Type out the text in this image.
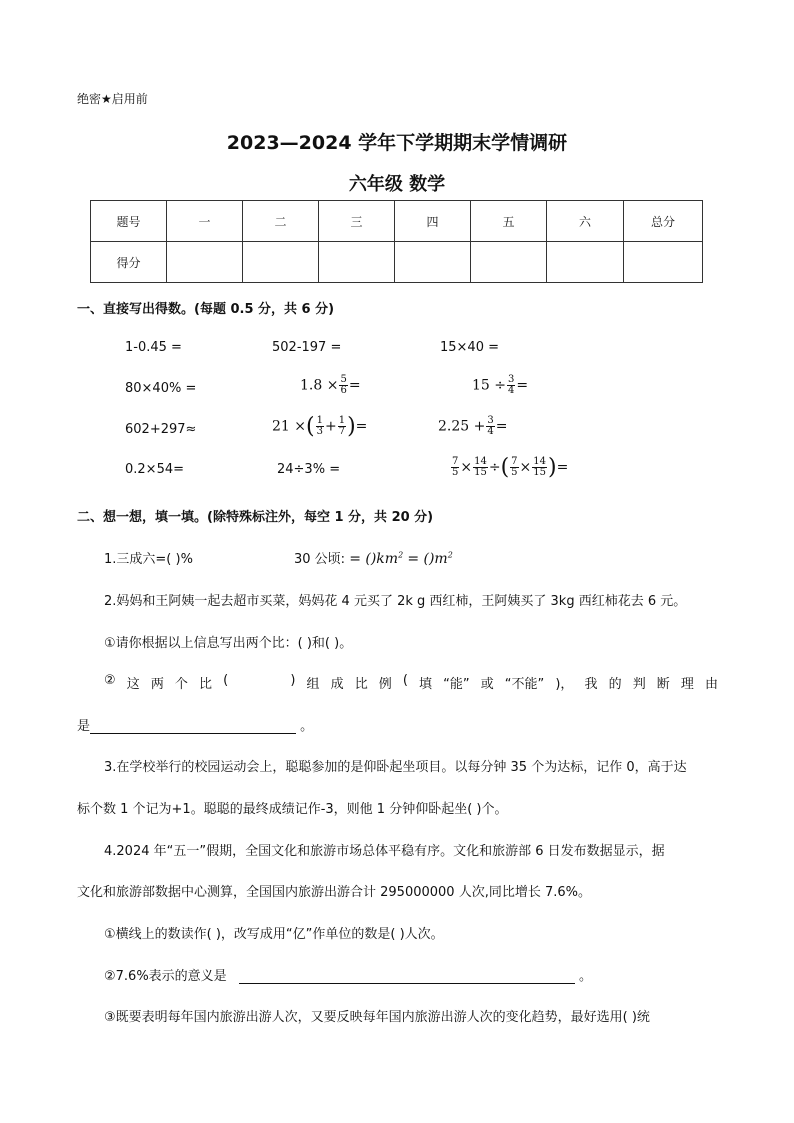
绝密★启用前
2023—2024 学年下学期期末学情调研
六年级 数学
题号	一	二	三	四	五	六	总分
得分							
一、直接写出得数。(每题 0.5 分，共 6 分)
1-0.45 =	502-197 =	15×40 =
80×40% =	$1.8 \times \frac{5}{6}$ =	$15 \div \frac{3}{4}$ =
602+297≈	21 ×( $\frac{1}{3} + \frac{1}{7}$ )=	$2.25 + \frac{3}{4}$ =
0.2×54=	24÷3% =	$\frac{7}{5} \times \frac{14}{15}$ ÷( $\frac{7}{5} \times \frac{14}{15}$ )=
二、想一想，填一填。(除特殊标注外，每空 1 分，共 20 分)
1.三成六=( )%	30 公顷: = $()km^2 = ()m^2$
2.妈妈和王阿姨一起去超市买菜，妈妈花 4 元买了 2k g 西红柿，王阿姨买了 3kg 西红柿花去 6 元。
①请你根据以上信息写出两个比：( )和( )。
② 这 两 个 比 (	) 组 成 比 例 ( 填 “能” 或 “不能” )， 我 的 判 断 理 由
是	。
3.在学校举行的校园运动会上，聪聪参加的是仰卧起坐项目。以每分钟 35 个为达标，记作 0，高于达
标个数 1 个记为+1。聪聪的最终成绩记作-3，则他 1 分钟仰卧起坐( )个。
4.2024 年“五一”假期，全国文化和旅游市场总体平稳有序。文化和旅游部 6 日发布数据显示，据
文化和旅游部数据中心测算，全国国内旅游出游合计 295000000 人次,同比增长 7.6%。
①横线上的数读作( )，改写成用“亿”作单位的数是( )人次。
②7.6%表示的意义是	。
③既要表明每年国内旅游出游人次，又要反映每年国内旅游出游人次的变化趋势，最好选用( )统
